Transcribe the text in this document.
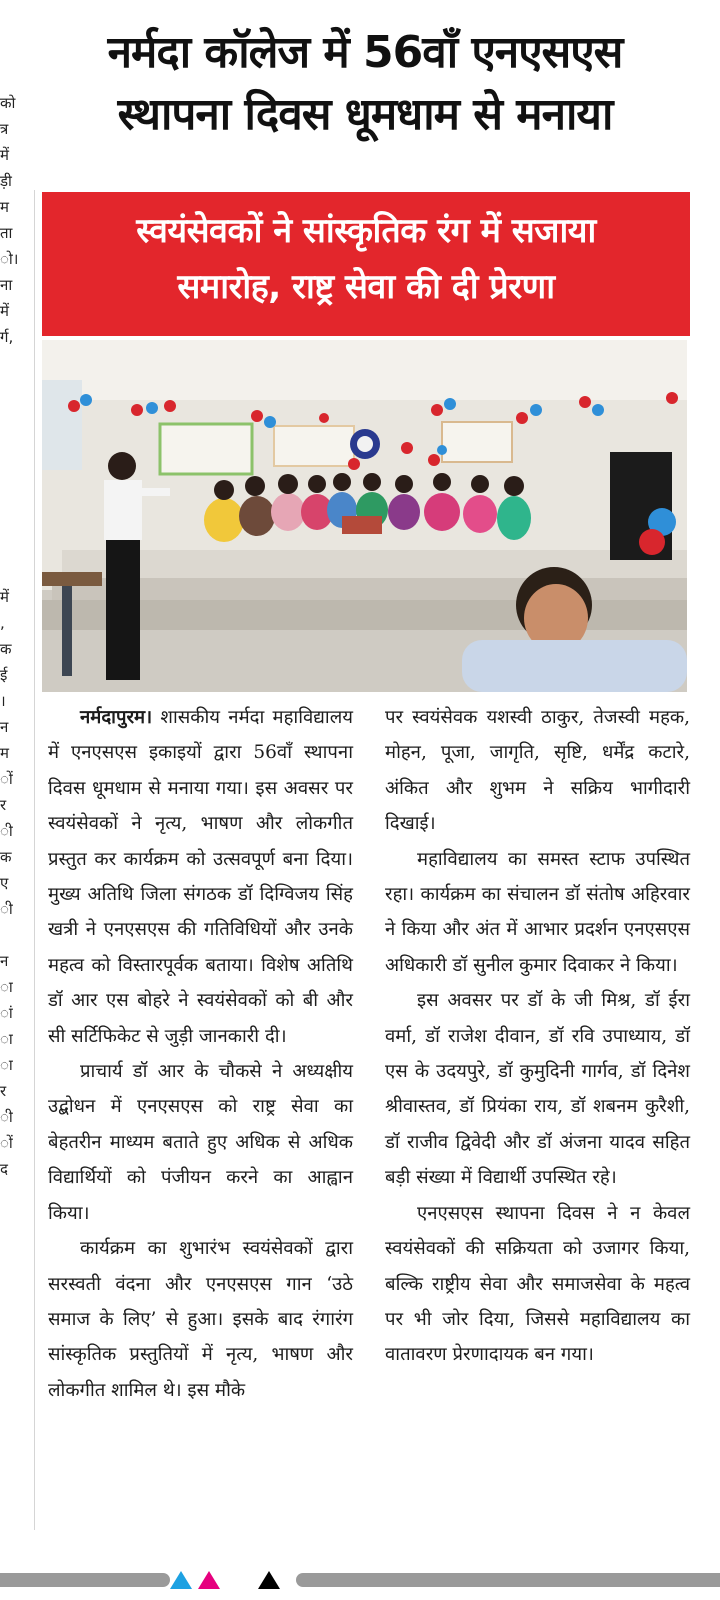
को
त्र
में
ड़ी
म
ता
ो।
ना
में
र्ग,

में
,
क
ई
।
न
म
ों
र
ी
क
ए
ी

न
ा
ां
ा
ा
र
ी
ों
द
नर्मदा कॉलेज में 56वाँ एनएसएस
स्थापना दिवस धूमधाम से मनाया
स्वयंसेवकों ने सांस्कृतिक रंग में सजाया
समारोह, राष्ट्र सेवा की दी प्रेरणा

नर्मदापुरम। शासकीय नर्मदा महाविद्यालय में एनएसएस इकाइयों द्वारा 56वाँ स्थापना दिवस धूमधाम से मनाया गया। इस अवसर पर स्वयंसेवकों ने नृत्य, भाषण और लोकगीत प्रस्तुत कर कार्यक्रम को उत्सवपूर्ण बना दिया। मुख्य अतिथि जिला संगठक डॉ दिग्विजय सिंह खत्री ने एनएसएस की गतिविधियों और उनके महत्व को विस्तारपूर्वक बताया। विशेष अतिथि डॉ आर एस बोहरे ने स्वयंसेवकों को बी और सी सर्टिफिकेट से जुड़ी जानकारी दी।

प्राचार्य डॉ आर के चौकसे ने अध्यक्षीय उद्बोधन में एनएसएस को राष्ट्र सेवा का बेहतरीन माध्यम बताते हुए अधिक से अधिक विद्यार्थियों को पंजीयन करने का आह्वान किया।

कार्यक्रम का शुभारंभ स्वयंसेवकों द्वारा सरस्वती वंदना और एनएसएस गान ‘उठे समाज के लिए’ से हुआ। इसके बाद रंगारंग सांस्कृतिक प्रस्तुतियों में नृत्य, भाषण और लोकगीत शामिल थे। इस मौके

पर स्वयंसेवक यशस्वी ठाकुर, तेजस्वी महक, मोहन, पूजा, जागृति, सृष्टि, धर्मेंद्र कटारे, अंकित और शुभम ने सक्रिय भागीदारी दिखाई।

महाविद्यालय का समस्त स्टाफ उपस्थित रहा। कार्यक्रम का संचालन डॉ संतोष अहिरवार ने किया और अंत में आभार प्रदर्शन एनएसएस अधिकारी डॉ सुनील कुमार दिवाकर ने किया।

इस अवसर पर डॉ के जी मिश्र, डॉ ईरा वर्मा, डॉ राजेश दीवान, डॉ रवि उपाध्याय, डॉ एस के उदयपुरे, डॉ कुमुदिनी गार्गव, डॉ दिनेश श्रीवास्तव, डॉ प्रियंका राय, डॉ शबनम कुरैशी, डॉ राजीव द्विवेदी और डॉ अंजना यादव सहित बड़ी संख्या में विद्यार्थी उपस्थित रहे।

एनएसएस स्थापना दिवस ने न केवल स्वयंसेवकों की सक्रियता को उजागर किया, बल्कि राष्ट्रीय सेवा और समाजसेवा के महत्व पर भी जोर दिया, जिससे महाविद्यालय का वातावरण प्रेरणादायक बन गया।
